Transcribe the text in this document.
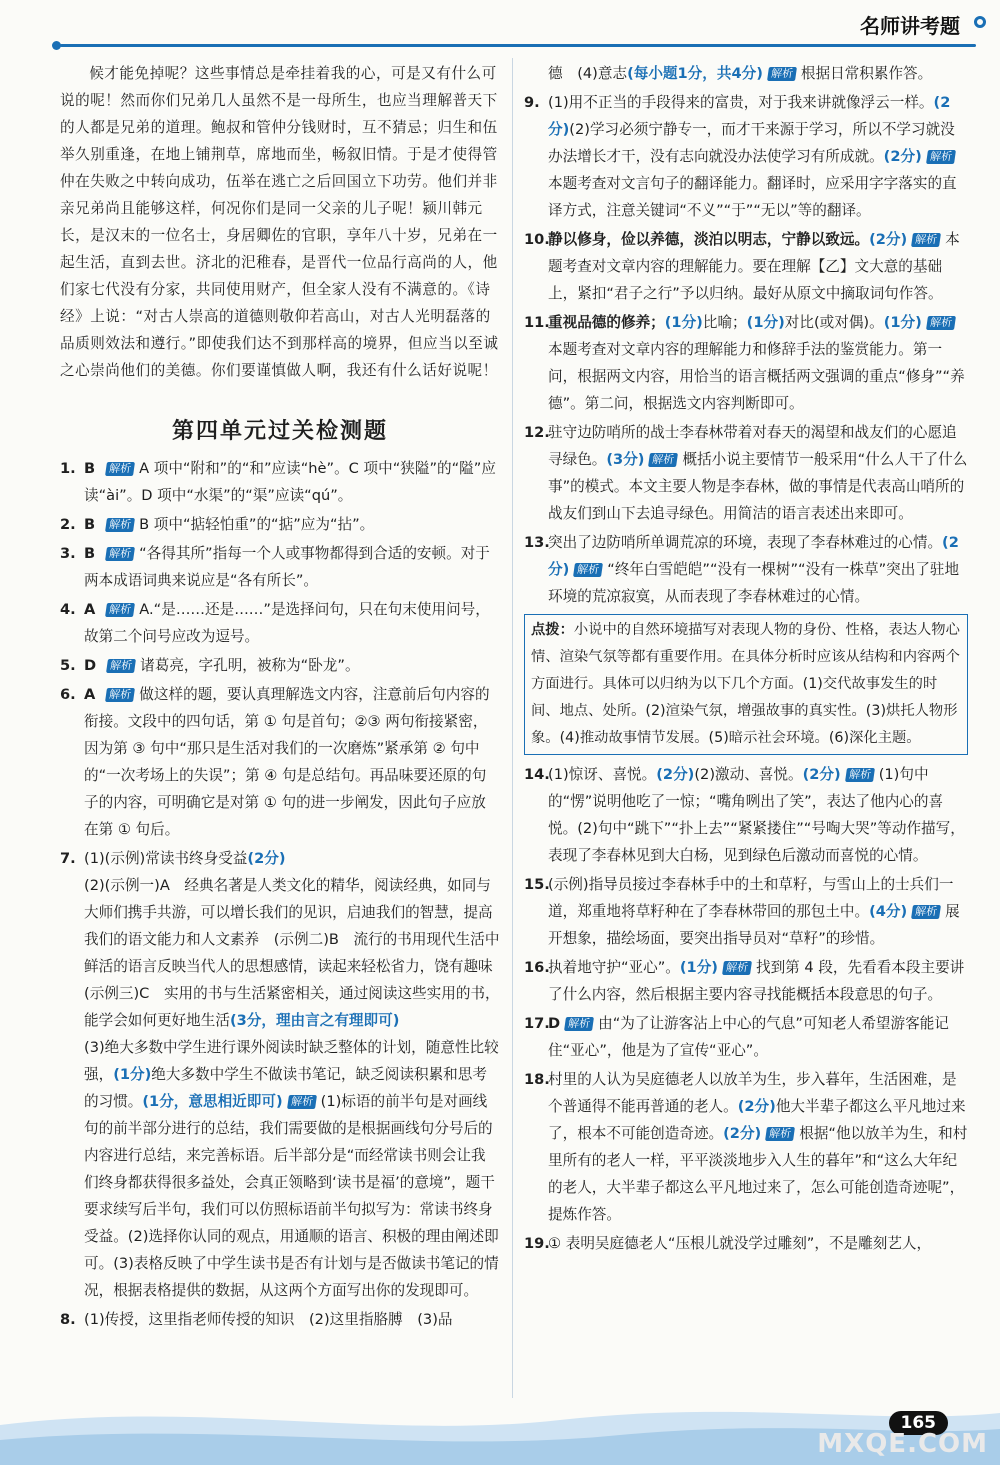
名师讲考题

候才能免掉呢？这些事情总是牵挂着我的心，可是又有什么可说的呢！然而你们兄弟几人虽然不是一母所生，也应当理解普天下的人都是兄弟的道理。鲍叔和管仲分钱财时，互不猜忌；归生和伍举久别重逢，在地上铺荆草，席地而坐，畅叙旧情。于是才使得管仲在失败之中转向成功，伍举在逃亡之后回国立下功劳。他们并非亲兄弟尚且能够这样，何况你们是同一父亲的儿子呢！颍川韩元长，是汉末的一位名士，身居卿佐的官职，享年八十岁，兄弟在一起生活，直到去世。济北的汜稚春，是晋代一位品行高尚的人，他们家七代没有分家，共同使用财产，但全家人没有不满意的。《诗经》上说：“对古人崇高的道德则敬仰若高山，对古人光明磊落的品质则效法和遵行。”即使我们达不到那样高的境界，但应当以至诚之心崇尚他们的美德。你们要谨慎做人啊，我还有什么话好说呢！

第四单元过关检测题
1. B 解析 A 项中“附和”的“和”应读“hè”。C 项中“狭隘”的“隘”应读“ài”。D 项中“水渠”的“渠”应读“qú”。
2. B 解析 B 项中“掂轻怕重”的“掂”应为“拈”。
3. B 解析 “各得其所”指每一个人或事物都得到合适的安顿。对于两本成语词典来说应是“各有所长”。
4. A 解析 A.“是……还是……”是选择问句，只在句末使用问号，故第二个问号应改为逗号。
5. D 解析 诸葛亮，字孔明，被称为“卧龙”。
6. A 解析 做这样的题，要认真理解选文内容，注意前后句内容的衔接。文段中的四句话，第 ① 句是首句；②③ 两句衔接紧密，因为第 ③ 句中“那只是生活对我们的一次磨炼”紧承第 ② 句中的“一次考场上的失误”；第 ④ 句是总结句。再品味要还原的句子的内容，可明确它是对第 ① 句的进一步阐发，因此句子应放在第 ① 句后。
7. (1)(示例)常读书终身受益(2分)
(2)(示例一)A　经典名著是人类文化的精华，阅读经典，如同与大师们携手共游，可以增长我们的见识，启迪我们的智慧，提高我们的语文能力和人文素养　(示例二)B　流行的书用现代生活中鲜活的语言反映当代人的思想感情，读起来轻松省力，饶有趣味　(示例三)C　实用的书与生活紧密相关，通过阅读这些实用的书，能学会如何更好地生活(3分，理由言之有理即可)
(3)绝大多数中学生进行课外阅读时缺乏整体的计划，随意性比较强，(1分)绝大多数中学生不做读书笔记，缺乏阅读积累和思考的习惯。(1分，意思相近即可) 解析 (1)标语的前半句是对画线句的前半部分进行的总结，我们需要做的是根据画线句分号后的内容进行总结，来完善标语。后半部分是“而经常读书则会让我们终身都获得很多益处，会真正领略到‘读书是福’的意境”，题干要求续写后半句，我们可以仿照标语前半句拟写为：常读书终身受益。(2)选择你认同的观点，用通顺的语言、积极的理由阐述即可。(3)表格反映了中学生读书是否有计划与是否做读书笔记的情况，根据表格提供的数据，从这两个方面写出你的发现即可。
8. (1)传授，这里指老师传授的知识　(2)这里指胳膊　(3)品
德　(4)意志(每小题1分，共4分) 解析 根据日常积累作答。
9. (1)用不正当的手段得来的富贵，对于我来讲就像浮云一样。(2分)(2)学习必须宁静专一，而才干来源于学习，所以不学习就没办法增长才干，没有志向就没办法使学习有所成就。(2分) 解析本题考查对文言句子的翻译能力。翻译时，应采用字字落实的直译方式，注意关键词“不义”“于”“无以”等的翻译。
10.
静以修身，俭以养德，淡泊以明志，宁静以致远。(2分) 解析 本题考查对文章内容的理解能力。要在理解【乙】文大意的基础上，紧扣“君子之行”予以归纳。最好从原文中摘取词句作答。
11.
重视品德的修养；(1分)比喻；(1分)对比(或对偶)。(1分) 解析本题考查对文章内容的理解能力和修辞手法的鉴赏能力。第一问，根据两文内容，用恰当的语言概括两文强调的重点“修身”“养德”。第二问，根据选文内容判断即可。
12.
驻守边防哨所的战士李春林带着对春天的渴望和战友们的心愿追寻绿色。(3分) 解析 概括小说主要情节一般采用“什么人干了什么事”的模式。本文主要人物是李春林，做的事情是代表高山哨所的战友们到山下去追寻绿色。用简洁的语言表述出来即可。
13.
突出了边防哨所单调荒凉的环境，表现了李春林难过的心情。(2分) 解析 “终年白雪皑皑”“没有一棵树”“没有一株草”突出了驻地环境的荒凉寂寞，从而表现了李春林难过的心情。
点拨：小说中的自然环境描写对表现人物的身份、性格，表达人物心情、渲染气氛等都有重要作用。在具体分析时应该从结构和内容两个方面进行。具体可以归纳为以下几个方面。(1)交代故事发生的时间、地点、处所。(2)渲染气氛，增强故事的真实性。(3)烘托人物形象。(4)推动故事情节发展。(5)暗示社会环境。(6)深化主题。
14.
(1)惊讶、喜悦。(2分)(2)激动、喜悦。(2分) 解析 (1)句中的“愣”说明他吃了一惊；“嘴角咧出了笑”，表达了他内心的喜悦。(2)句中“跳下”“扑上去”“紧紧搂住”“号啕大哭”等动作描写，表现了李春林见到大白杨，见到绿色后激动而喜悦的心情。
15.
(示例)指导员接过李春林手中的土和草籽，与雪山上的士兵们一道，郑重地将草籽种在了李春林带回的那包土中。(4分) 解析 展开想象，描绘场面，要突出指导员对“草籽”的珍惜。
16.
执着地守护“亚心”。(1分) 解析 找到第 4 段，先看看本段主要讲了什么内容，然后根据主要内容寻找能概括本段意思的句子。
17.
D 解析 由“为了让游客沾上中心的气息”可知老人希望游客能记住“亚心”，他是为了宣传“亚心”。
18.
村里的人认为吴庭德老人以放羊为生，步入暮年，生活困难，是个普通得不能再普通的老人。(2分)他大半辈子都这么平凡地过来了，根本不可能创造奇迹。(2分) 解析 根据“他以放羊为生，和村里所有的老人一样，平平淡淡地步入人生的暮年”和“这么大年纪的老人，大半辈子都这么平凡地过来了，怎么可能创造奇迹呢”，提炼作答。
19.
① 表明吴庭德老人“压根儿就没学过雕刻”，不是雕刻艺人，
165
MXQE.COM
